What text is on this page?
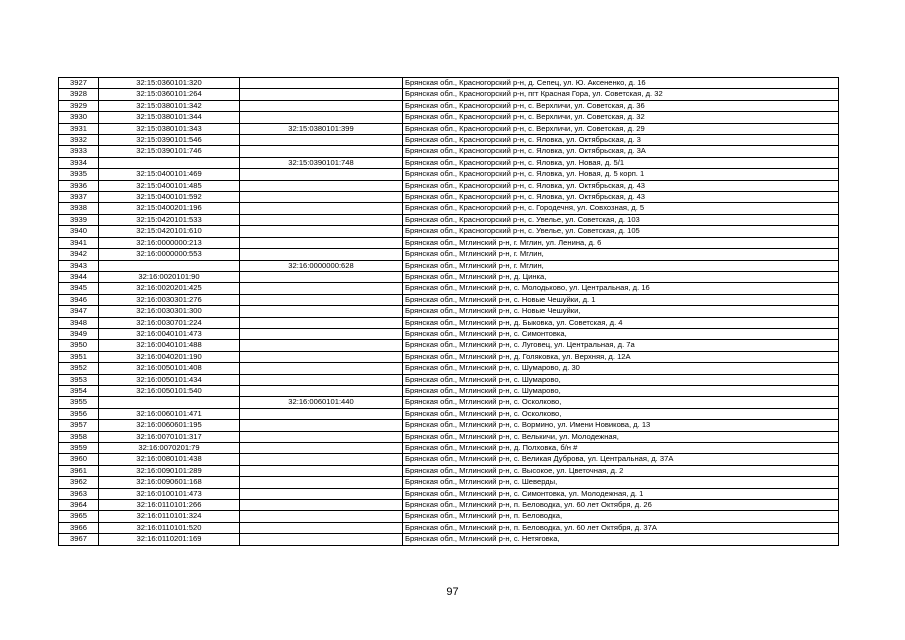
3927	32:15:0360101:320		Брянская обл., Красногорский р-н, д. Сепец, ул. Ю. Аксененко, д. 16
3928	32:15:0360101:264		Брянская обл., Красногорский р-н, пгт Красная Гора, ул. Советская, д. 32
3929	32:15:0380101:342		Брянская обл., Красногорский р-н, с. Верхличи, ул. Советская, д. 36
3930	32:15:0380101:344		Брянская обл., Красногорский р-н, с. Верхличи, ул. Советская, д. 32
3931	32:15:0380101:343	32:15:0380101:399	Брянская обл., Красногорский р-н, с. Верхличи, ул. Советская, д. 29
3932	32:15:0390101:546		Брянская обл., Красногорский р-н, с. Яловка, ул. Октябрьская, д. 3
3933	32:15:0390101:746		Брянская обл., Красногорский р-н, с. Яловка, ул. Октябрьская, д. 3А
3934		32:15:0390101:748	Брянская обл., Красногорский р-н, с. Яловка, ул. Новая, д. 5/1
3935	32:15:0400101:469		Брянская обл., Красногорский р-н, с. Яловка, ул. Новая, д. 5 корп. 1
3936	32:15:0400101:485		Брянская обл., Красногорский р-н, с. Яловка, ул. Октябрьская, д. 43
3937	32:15:0400101:592		Брянская обл., Красногорский р-н, с. Яловка, ул. Октябрьская, д. 43
3938	32:15:0400201:196		Брянская обл., Красногорский р-н, с. Городечня, ул. Совхозная, д. 5
3939	32:15:0420101:533		Брянская обл., Красногорский р-н, с. Увелье, ул. Советская, д. 103
3940	32:15:0420101:610		Брянская обл., Красногорский р-н, с. Увелье, ул. Советская, д. 105
3941	32:16:0000000:213		Брянская обл., Мглинский р-н, г. Мглин, ул. Ленина, д. 6
3942	32:16:0000000:553		Брянская обл., Мглинский р-н, г. Мглин,
3943		32:16:0000000:628	Брянская обл., Мглинский р-н, г. Мглин,
3944	32:16:0020101:90		Брянская обл., Мглинский р-н, д. Цинка,
3945	32:16:0020201:425		Брянская обл., Мглинский р-н, с. Молодьково, ул. Центральная, д. 16
3946	32:16:0030301:276		Брянская обл., Мглинский р-н, с. Новые Чешуйки, д. 1
3947	32:16:0030301:300		Брянская обл., Мглинский р-н, с. Новые Чешуйки,
3948	32:16:0030701:224		Брянская обл., Мглинский р-н, д. Быковка, ул. Советская, д. 4
3949	32:16:0040101:473		Брянская обл., Мглинский р-н, с. Симонтовка,
3950	32:16:0040101:488		Брянская обл., Мглинский р-н, с. Луговец, ул. Центральная, д. 7а
3951	32:16:0040201:190		Брянская обл., Мглинский р-н, д. Голяковка, ул. Верхняя, д. 12А
3952	32:16:0050101:408		Брянская обл., Мглинский р-н, с. Шумарово, д. 30
3953	32:16:0050101:434		Брянская обл., Мглинский р-н, с. Шумарово,
3954	32:16:0050101:540		Брянская обл., Мглинский р-н, с. Шумарово,
3955		32:16:0060101:440	Брянская обл., Мглинский р-н, с. Осколково,
3956	32:16:0060101:471		Брянская обл., Мглинский р-н, с. Осколково,
3957	32:16:0060601:195		Брянская обл., Мглинский р-н, с. Вормино, ул. Имени Новикова, д. 13
3958	32:16:0070101:317		Брянская обл., Мглинский р-н, с. Велькичи, ул. Молодежная,
3959	32:16:0070201:79		Брянская обл., Мглинский р-н, д. Полховка, б/н #
3960	32:16:0080101:438		Брянская обл., Мглинский р-н, с. Великая Дуброва, ул. Центральная, д. 37А
3961	32:16:0090101:289		Брянская обл., Мглинский р-н, с. Высокое, ул. Цветочная, д. 2
3962	32:16:0090601:168		Брянская обл., Мглинский р-н, с. Шеверды,
3963	32:16:0100101:473		Брянская обл., Мглинский р-н, с. Симонтовка, ул. Молодежная, д. 1
3964	32:16:0110101:266		Брянская обл., Мглинский р-н, п. Беловодка, ул. 60 лет Октября, д. 26
3965	32:16:0110101:324		Брянская обл., Мглинский р-н, п. Беловодка,
3966	32:16:0110101:520		Брянская обл., Мглинский р-н, п. Беловодка, ул. 60 лет Октября, д. 37А
3967	32:16:0110201:169		Брянская обл., Мглинский р-н, с. Нетяговка,
97
